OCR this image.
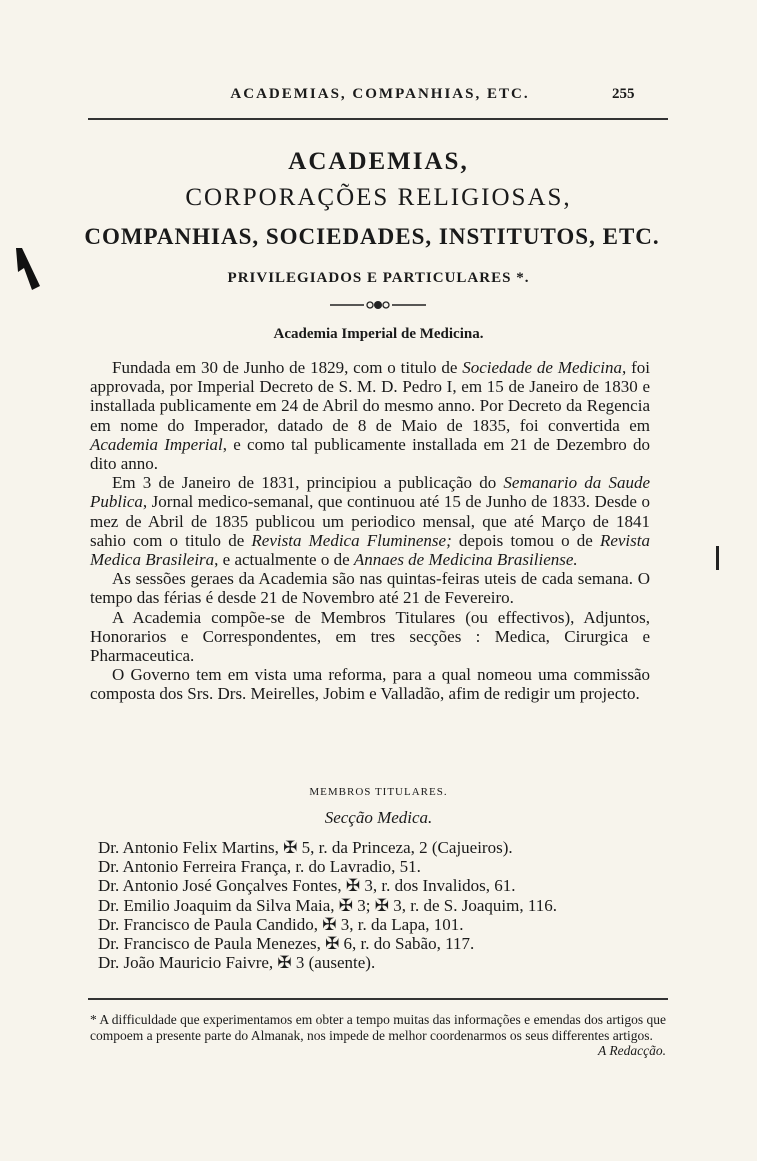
ACADEMIAS, COMPANHIAS, ETC.	255
ACADEMIAS,
CORPORAÇÕES RELIGIOSAS,
COMPANHIAS, SOCIEDADES, INSTITUTOS, ETC.
PRIVILEGIADOS E PARTICULARES *.
Academia Imperial de Medicina.

Fundada em 30 de Junho de 1829, com o titulo de Sociedade de Medicina, foi approvada, por Imperial Decreto de S. M. D. Pedro I, em 15 de Janeiro de 1830 e installada publicamente em 24 de Abril do mesmo anno. Por Decreto da Regencia em nome do Imperador, datado de 8 de Maio de 1835, foi convertida em Academia Imperial, e como tal publicamente installada em 21 de Dezembro do dito anno.

Em 3 de Janeiro de 1831, principiou a publicação do Semanario da Saude Publica, Jornal medico-semanal, que continuou até 15 de Junho de 1833. Desde o mez de Abril de 1835 publicou um periodico mensal, que até Março de 1841 sahio com o titulo de Revista Medica Fluminense; depois tomou o de Revista Medica Brasileira, e actualmente o de Annaes de Medicina Brasiliense.

As sessões geraes da Academia são nas quintas-feiras uteis de cada semana. O tempo das férias é desde 21 de Novembro até 21 de Fevereiro.

A Academia compõe-se de Membros Titulares (ou effectivos), Adjuntos, Honorarios e Correspondentes, em tres secções : Medica, Cirurgica e Pharmaceutica.

O Governo tem em vista uma reforma, para a qual nomeou uma commissão composta dos Srs. Drs. Meirelles, Jobim e Valladão, afim de redigir um projecto.

MEMBROS TITULARES.
Secção Medica.
Dr. Antonio Felix Martins, ✠ 5, r. da Princeza, 2 (Cajueiros).
Dr. Antonio Ferreira França, r. do Lavradio, 51.
Dr. Antonio José Gonçalves Fontes, ✠ 3, r. dos Invalidos, 61.
Dr. Emilio Joaquim da Silva Maia, ✠ 3; ✠ 3, r. de S. Joaquim, 116.
Dr. Francisco de Paula Candido, ✠ 3, r. da Lapa, 101.
Dr. Francisco de Paula Menezes, ✠ 6, r. do Sabão, 117.
Dr. João Mauricio Faivre, ✠ 3 (ausente).
* A difficuldade que experimentamos em obter a tempo muitas das informações e emendas dos artigos que compoem a presente parte do Almanak, nos impede de melhor coordenarmos os seus differentes artigos.
A Redacção.
